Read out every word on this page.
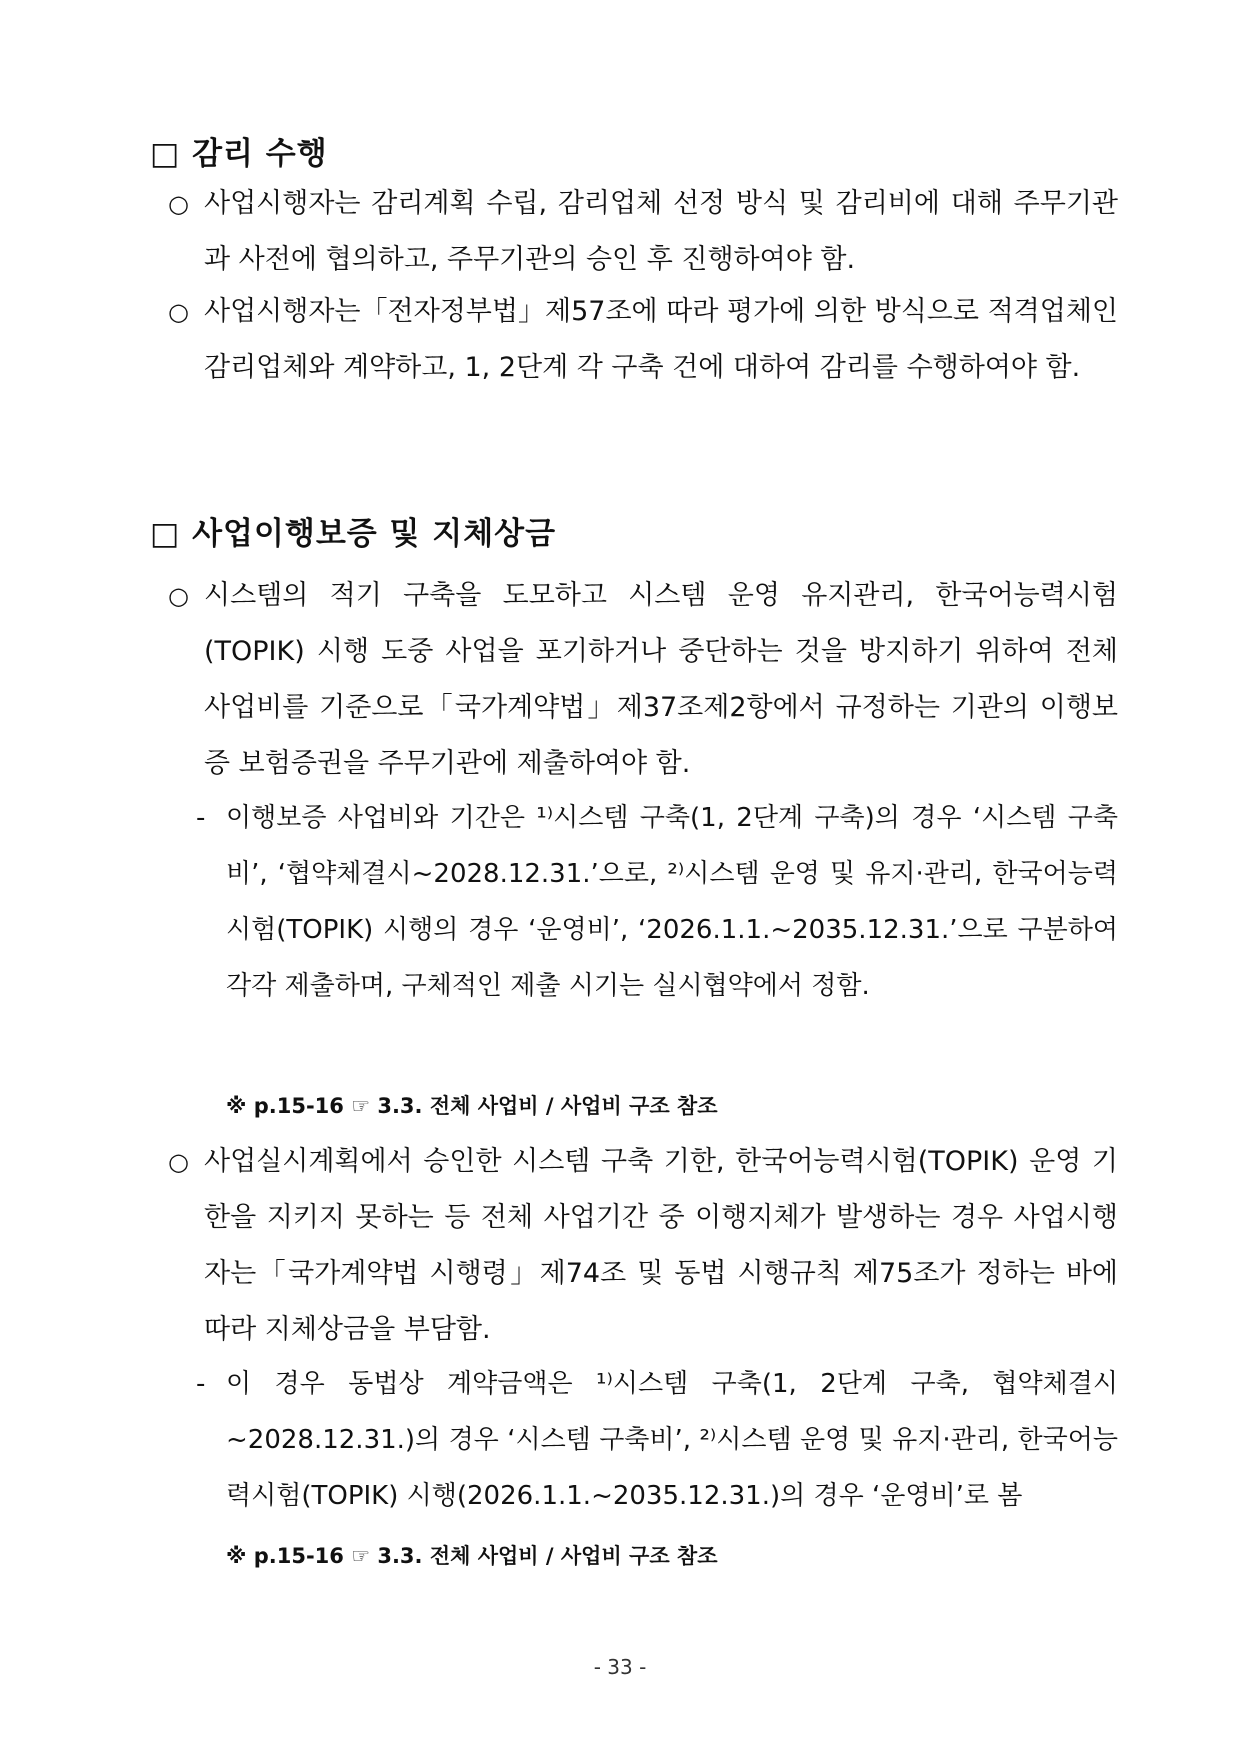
□ 감리 수행
○ 사업시행자는 감리계획 수립, 감리업체 선정 방식 및 감리비에 대해 주무기관과 사전에 협의하고, 주무기관의 승인 후 진행하여야 함.
○ 사업시행자는「전자정부법」제57조에 따라 평가에 의한 방식으로 적격업체인 감리업체와 계약하고, 1, 2단계 각 구축 건에 대하여 감리를 수행하여야 함.
□ 사업이행보증 및 지체상금
○ 시스템의 적기 구축을 도모하고 시스템 운영 유지관리, 한국어능력시험(TOPIK) 시행 도중 사업을 포기하거나 중단하는 것을 방지하기 위하여 전체 사업비를 기준으로「국가계약법」제37조제2항에서 규정하는 기관의 이행보증 보험증권을 주무기관에 제출하여야 함.
- 이행보증 사업비와 기간은 ¹⁾시스템 구축(1, 2단계 구축)의 경우 ‘시스템 구축비’, ‘협약체결시~2028.12.31.’으로, ²⁾시스템 운영 및 유지·관리, 한국어능력시험(TOPIK) 시행의 경우 ‘운영비’, ‘2026.1.1.~2035.12.31.’으로 구분하여 각각 제출하며, 구체적인 제출 시기는 실시협약에서 정함.
※ p.15-16 ☞ 3.3. 전체 사업비 / 사업비 구조 참조
○ 사업실시계획에서 승인한 시스템 구축 기한, 한국어능력시험(TOPIK) 운영 기한을 지키지 못하는 등 전체 사업기간 중 이행지체가 발생하는 경우 사업시행자는「국가계약법 시행령」제74조 및 동법 시행규칙 제75조가 정하는 바에 따라 지체상금을 부담함.
- 이 경우 동법상 계약금액은 ¹⁾시스템 구축(1, 2단계 구축, 협약체결시~2028.12.31.)의 경우 ‘시스템 구축비’, ²⁾시스템 운영 및 유지·관리, 한국어능력시험(TOPIK) 시행(2026.1.1.~2035.12.31.)의 경우 ‘운영비’로 봄
※ p.15-16 ☞ 3.3. 전체 사업비 / 사업비 구조 참조
- 33 -
